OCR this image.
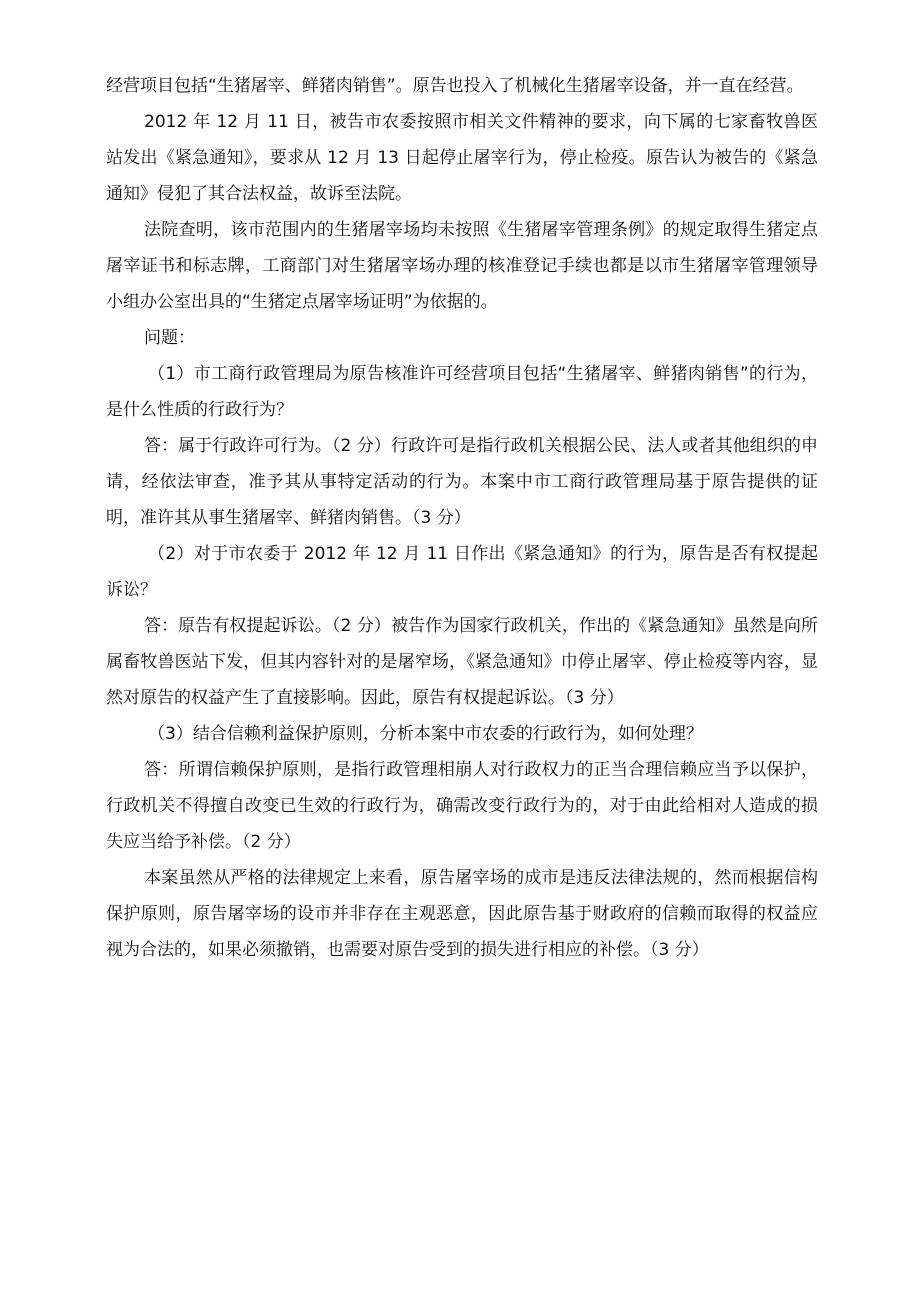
经营项目包括“生猪屠宰、鲜猪肉销售”。原告也投入了机械化生猪屠宰设备，并一直在经营。

2012 年 12 月 11 日，被告市农委按照市相关文件精神的要求，向下属的七家畜牧兽医站发出《紧急通知》，要求从 12 月 13 日起停止屠宰行为，停止检疫。原告认为被告的《紧急通知》侵犯了其合法权益，故诉至法院。

法院查明，该市范围内的生猪屠宰场均未按照《生猪屠宰管理条例》的规定取得生猪定点屠宰证书和标志牌，工商部门对生猪屠宰场办理的核准登记手续也都是以市生猪屠宰管理领导小组办公室出具的“生猪定点屠宰场证明”为依据的。

问题：

（1）市工商行政管理局为原告核准许可经营项目包括“生猪屠宰、鲜猪肉销售”的行为，是什么性质的行政行为？

答：属于行政许可行为。（2 分）行政许可是指行政机关根据公民、法人或者其他组织的申请，经依法审查，准予其从事特定活动的行为。本案中市工商行政管理局基于原告提供的证明，准许其从事生猪屠宰、鲜猪肉销售。（3 分）

（2）对于市农委于 2012 年 12 月 11 日作出《紧急通知》的行为，原告是否有权提起诉讼？

答：原告有权提起诉讼。（2 分）被告作为国家行政机关，作出的《紧急通知》虽然是向所属畜牧兽医站下发，但其内容针对的是屠窄场，《紧急通知》巾停止屠宰、停止检疫等内容，显然对原告的权益产生了直接影响。因此，原告有权提起诉讼。（3 分）

（3）结合信赖利益保护原则，分析本案中市农委的行政行为，如何处理？

答：所谓信赖保护原则，是指行政管理相崩人对行政权力的正当合理信赖应当予以保护，行政机关不得擅自改变已生效的行政行为，确需改变行政行为的，对于由此给相对人造成的损失应当给予补偿。（2 分）

本案虽然从严格的法律规定上来看，原告屠宰场的成市是违反法律法规的，然而根据信构保护原则，原告屠宰场的设市并非存在主观恶意，因此原告基于财政府的信赖而取得的权益应视为合法的，如果必须撤销，也需要对原告受到的损失进行相应的补偿。（3 分）
